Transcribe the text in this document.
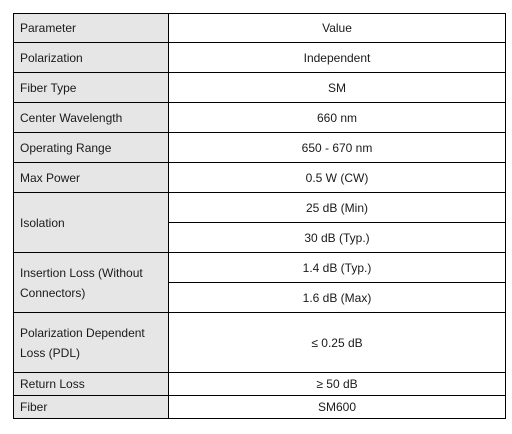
Parameter	Value
Polarization	Independent
Fiber Type	SM
Center Wavelength	660 nm
Operating Range	650 - 670 nm
Max Power	0.5 W (CW)
Isolation	25 dB (Min)
	30 dB (Typ.)
Insertion Loss (Without Connectors)	1.4 dB (Typ.)
	1.6 dB (Max)
Polarization Dependent Loss (PDL)	≤ 0.25 dB
Return Loss	≥ 50 dB
Fiber	SM600
